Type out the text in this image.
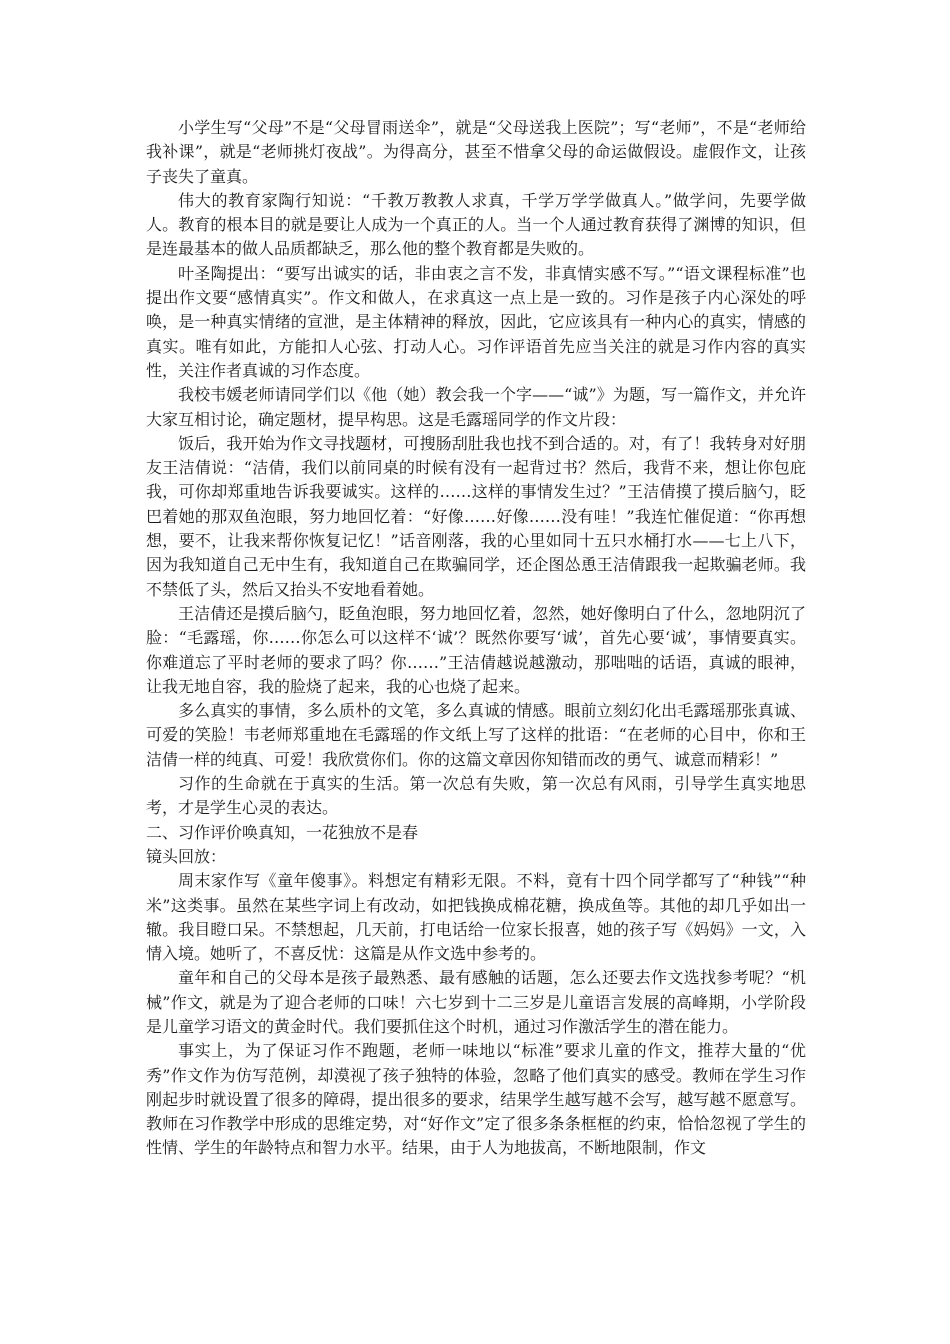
小学生写“父母”不是“父母冒雨送伞”，就是“父母送我上医院”；写“老师”，不是“老师给我补课”，就是“老师挑灯夜战”。为得高分，甚至不惜拿父母的命运做假设。虚假作文，让孩子丧失了童真。

伟大的教育家陶行知说：“千教万教教人求真，千学万学学做真人。”做学问，先要学做人。教育的根本目的就是要让人成为一个真正的人。当一个人通过教育获得了渊博的知识，但是连最基本的做人品质都缺乏，那么他的整个教育都是失败的。

叶圣陶提出：“要写出诚实的话，非由衷之言不发，非真情实感不写。”“语文课程标准”也提出作文要“感情真实”。作文和做人，在求真这一点上是一致的。习作是孩子内心深处的呼唤，是一种真实情绪的宣泄，是主体精神的释放，因此，它应该具有一种内心的真实，情感的真实。唯有如此，方能扣人心弦、打动人心。习作评语首先应当关注的就是习作内容的真实性，关注作者真诚的习作态度。

我校韦媛老师请同学们以《他（她）教会我一个字——“诚”》为题，写一篇作文，并允许大家互相讨论，确定题材，提早构思。这是毛露瑶同学的作文片段：

饭后，我开始为作文寻找题材，可搜肠刮肚我也找不到合适的。对，有了！我转身对好朋友王洁倩说：“洁倩，我们以前同桌的时候有没有一起背过书？然后，我背不来，想让你包庇我，可你却郑重地告诉我要诚实。这样的……这样的事情发生过？”王洁倩摸了摸后脑勺，眨巴着她的那双鱼泡眼，努力地回忆着：“好像……好像……没有哇！”我连忙催促道：“你再想想，要不，让我来帮你恢复记忆！”话音刚落，我的心里如同十五只水桶打水——七上八下，因为我知道自己无中生有，我知道自己在欺骗同学，还企图怂恿王洁倩跟我一起欺骗老师。我不禁低了头，然后又抬头不安地看着她。

王洁倩还是摸后脑勺，眨鱼泡眼，努力地回忆着，忽然，她好像明白了什么，忽地阴沉了脸：“毛露瑶，你……你怎么可以这样不‘诚’？既然你要写‘诚’，首先心要‘诚’，事情要真实。你难道忘了平时老师的要求了吗？你……”王洁倩越说越激动，那咄咄的话语，真诚的眼神，让我无地自容，我的脸烧了起来，我的心也烧了起来。

多么真实的事情，多么质朴的文笔，多么真诚的情感。眼前立刻幻化出毛露瑶那张真诚、可爱的笑脸！韦老师郑重地在毛露瑶的作文纸上写了这样的批语：“在老师的心目中，你和王洁倩一样的纯真、可爱！我欣赏你们。你的这篇文章因你知错而改的勇气、诚意而精彩！”

习作的生命就在于真实的生活。第一次总有失败，第一次总有风雨，引导学生真实地思考，才是学生心灵的表达。

二、习作评价唤真知，一花独放不是春

镜头回放：

周末家作写《童年傻事》。料想定有精彩无限。不料，竟有十四个同学都写了“种钱”“种米”这类事。虽然在某些字词上有改动，如把钱换成棉花糖，换成鱼等。其他的却几乎如出一辙。我目瞪口呆。不禁想起，几天前，打电话给一位家长报喜，她的孩子写《妈妈》一文，入情入境。她听了，不喜反忧：这篇是从作文选中参考的。

童年和自己的父母本是孩子最熟悉、最有感触的话题，怎么还要去作文选找参考呢？“机械”作文，就是为了迎合老师的口味！六七岁到十二三岁是儿童语言发展的高峰期，小学阶段是儿童学习语文的黄金时代。我们要抓住这个时机，通过习作激活学生的潜在能力。

事实上，为了保证习作不跑题，老师一味地以“标准”要求儿童的作文，推荐大量的“优秀”作文作为仿写范例，却漠视了孩子独特的体验，忽略了他们真实的感受。教师在学生习作刚起步时就设置了很多的障碍，提出很多的要求，结果学生越写越不会写，越写越不愿意写。教师在习作教学中形成的思维定势，对“好作文”定了很多条条框框的约束，恰恰忽视了学生的性情、学生的年龄特点和智力水平。结果，由于人为地拔高，不断地限制，作文
